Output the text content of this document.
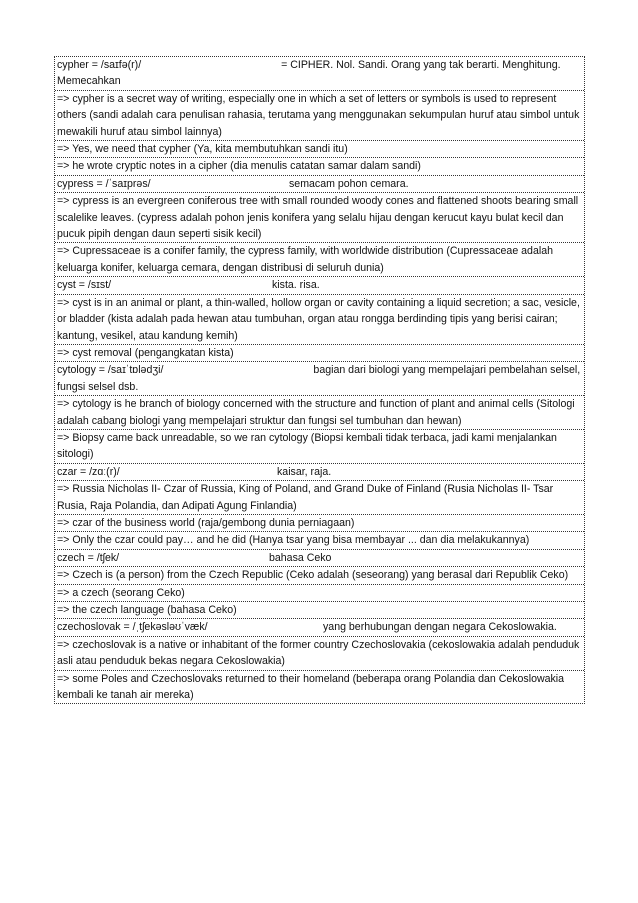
cypher = /saɪfə(r)/	= CIPHER. Nol. Sandi. Orang yang tak berarti. Menghitung. Memecahkan
=> cypher is a secret way of writing, especially one in which a set of letters or symbols is used to represent others (sandi adalah cara penulisan rahasia, terutama yang menggunakan sekumpulan huruf atau simbol untuk mewakili huruf atau simbol lainnya)
=> Yes, we need that cypher (Ya, kita membutuhkan sandi itu)
=> he wrote cryptic notes in a cipher (dia menulis catatan samar dalam sandi)
cypress = /ˈsaɪprəs/	semacam pohon cemara.
=> cypress is an evergreen coniferous tree with small rounded woody cones and flattened shoots bearing small scalelike leaves. (cypress adalah pohon jenis konifera yang selalu hijau dengan kerucut kayu bulat kecil dan pucuk pipih dengan daun seperti sisik kecil)
=> Cupressaceae is a conifer family, the cypress family, with worldwide distribution (Cupressaceae adalah keluarga konifer, keluarga cemara, dengan distribusi di seluruh dunia)
cyst = /sɪst/	kista. risa.
=> cyst is in an animal or plant, a thin-walled, hollow organ or cavity containing a liquid secretion; a sac, vesicle, or bladder (kista adalah pada hewan atau tumbuhan, organ atau rongga berdinding tipis yang berisi cairan; kantung, vesikel, atau kandung kemih)
=> cyst removal (pengangkatan kista)
cytology = /saɪˈtɒlədʒi/	bagian dari biologi yang mempelajari pembelahan selsel, fungsi selsel dsb.
=> cytology is he branch of biology concerned with the structure and function of plant and animal cells (Sitologi adalah cabang biologi yang mempelajari struktur dan fungsi sel tumbuhan dan hewan)
=> Biopsy came back unreadable, so we ran cytology (Biopsi kembali tidak terbaca, jadi kami menjalankan sitologi)
czar = /zɑː(r)/	kaisar, raja.
=> Russia Nicholas II- Czar of Russia, King of Poland, and Grand Duke of Finland (Rusia Nicholas II- Tsar Rusia, Raja Polandia, dan Adipati Agung Finlandia)
=> czar of the business world (raja/gembong dunia perniagaan)
=> Only the czar could pay… and he did (Hanya tsar yang bisa membayar ... dan dia melakukannya)
czech = /tʃek/	bahasa Ceko
=> Czech is (a person) from the Czech Republic (Ceko adalah (seseorang) yang berasal dari Republik Ceko)
=> a czech (seorang Ceko)
=> the czech language (bahasa Ceko)
czechoslovak = /ˌtʃekəsləʊˈvæk/	yang berhubungan dengan negara Cekoslowakia.
=> czechoslovak is a native or inhabitant of the former country Czechoslovakia (cekoslowakia adalah penduduk asli atau penduduk bekas negara Cekoslowakia)
=> some Poles and Czechoslovaks returned to their homeland (beberapa orang Polandia dan Cekoslowakia kembali ke tanah air mereka)
